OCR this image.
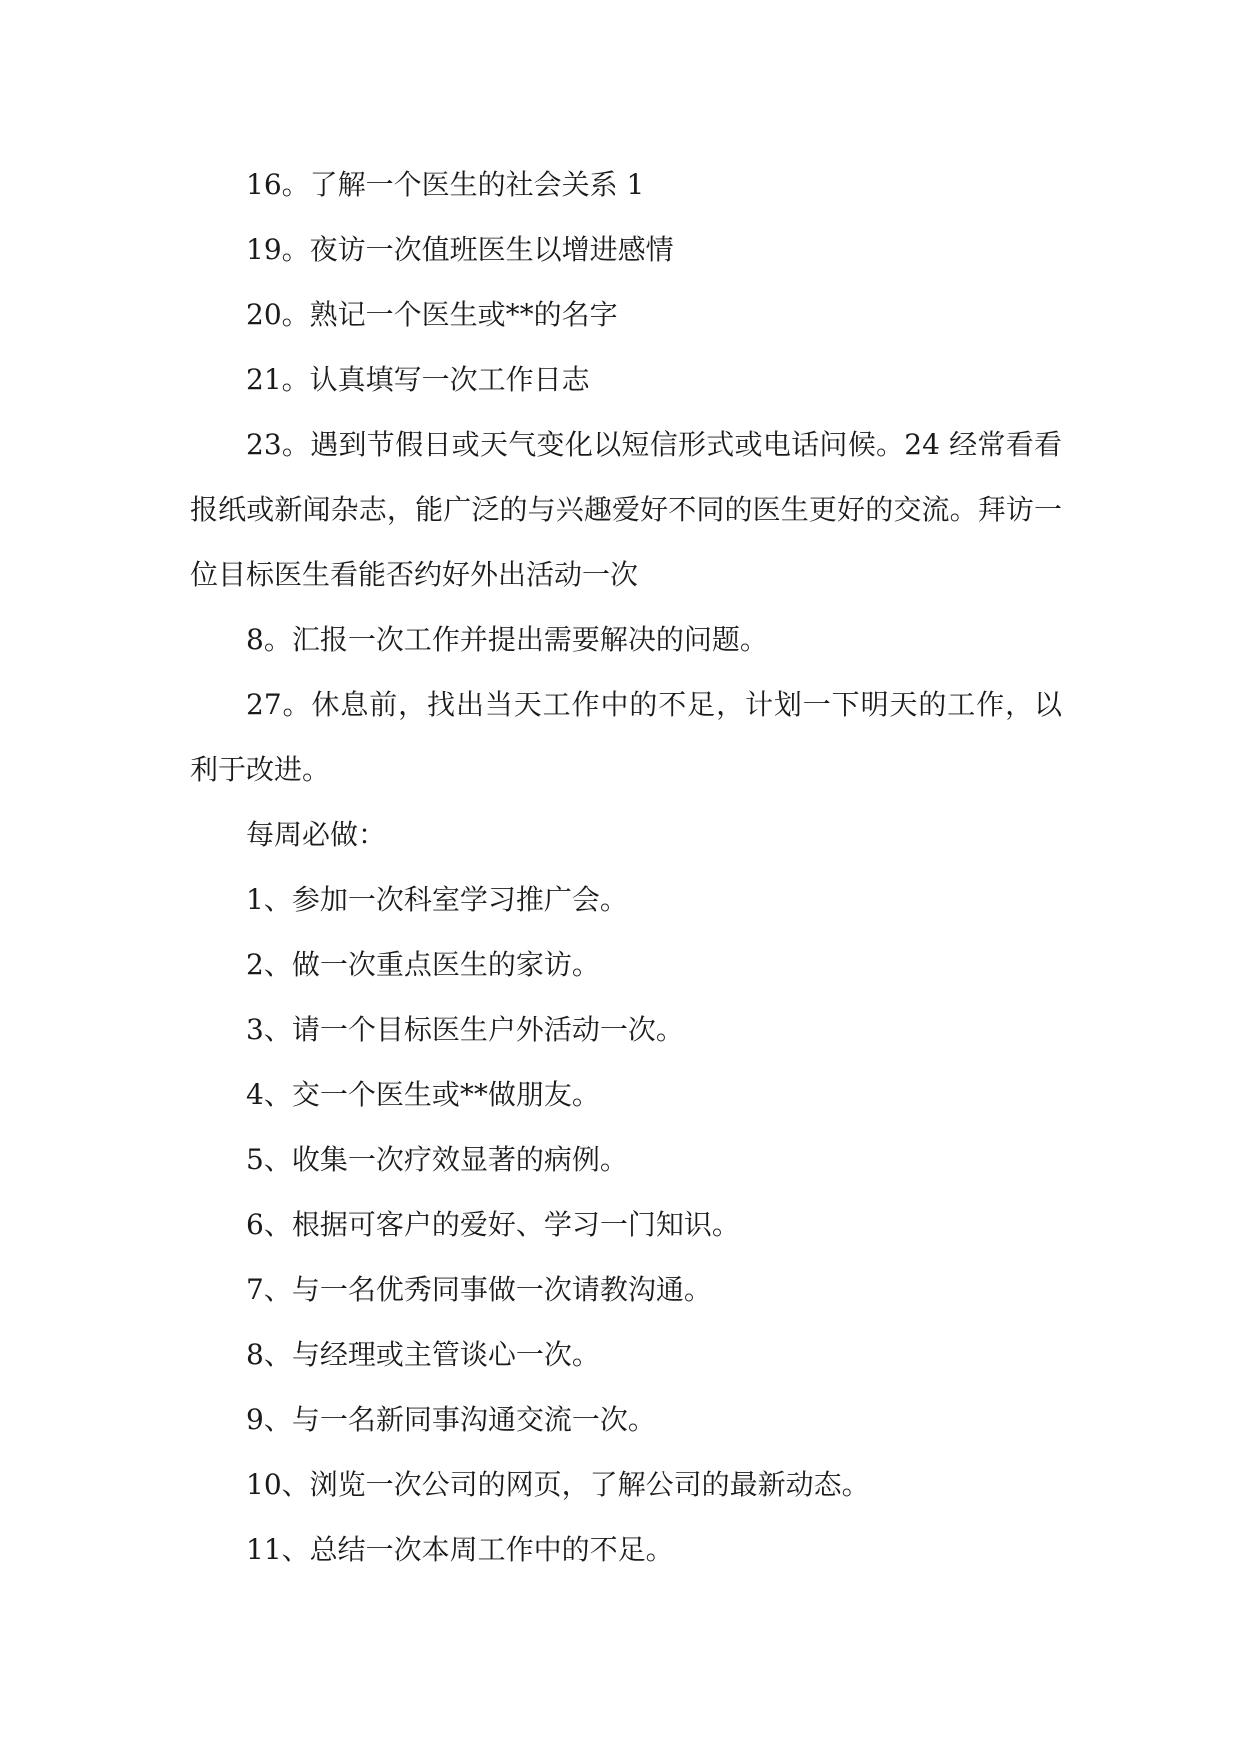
16。了解一个医生的社会关系 1

19。夜访一次值班医生以增进感情

20。熟记一个医生或**的名字

21。认真填写一次工作日志

23。遇到节假日或天气变化以短信形式或电话问候。24 经常看看报纸或新闻杂志，能广泛的与兴趣爱好不同的医生更好的交流。拜访一位目标医生看能否约好外出活动一次

8。汇报一次工作并提出需要解决的问题。

27。休息前，找出当天工作中的不足，计划一下明天的工作，以利于改进。

每周必做：

1、参加一次科室学习推广会。

2、做一次重点医生的家访。

3、请一个目标医生户外活动一次。

4、交一个医生或**做朋友。

5、收集一次疗效显著的病例。

6、根据可客户的爱好、学习一门知识。

7、与一名优秀同事做一次请教沟通。

8、与经理或主管谈心一次。

9、与一名新同事沟通交流一次。

10、浏览一次公司的网页，了解公司的最新动态。

11、总结一次本周工作中的不足。
